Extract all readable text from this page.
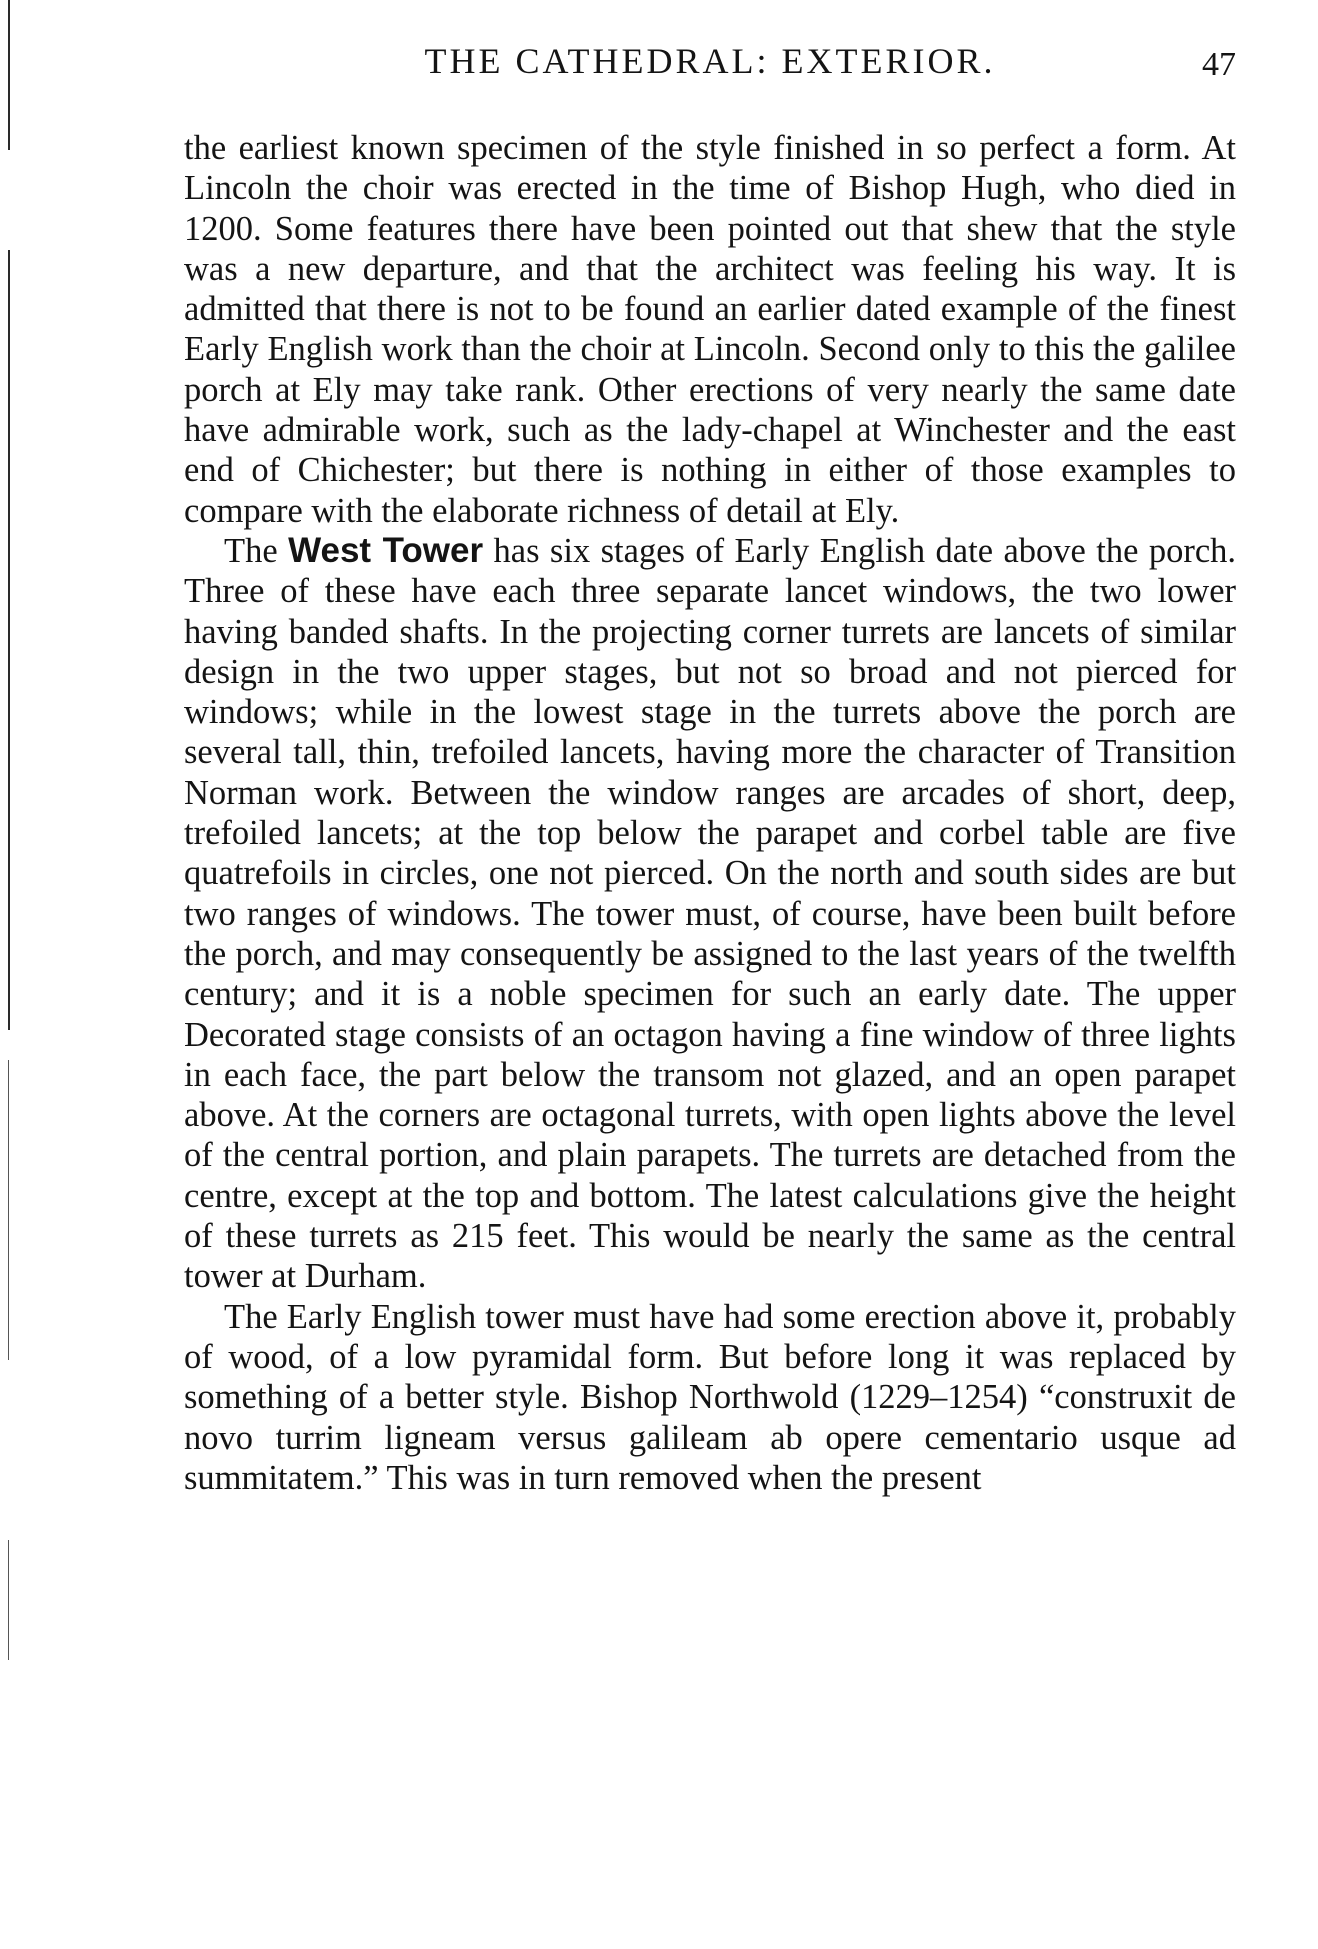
THE CATHEDRAL: EXTERIOR.	47

the earliest known specimen of the style finished in so perfect a form. At Lincoln the choir was erected in the time of Bishop Hugh, who died in 1200. Some features there have been pointed out that shew that the style was a new departure, and that the architect was feeling his way. It is admitted that there is not to be found an earlier dated example of the finest Early English work than the choir at Lincoln. Second only to this the galilee porch at Ely may take rank. Other erections of very nearly the same date have admirable work, such as the lady-chapel at Winchester and the east end of Chichester; but there is nothing in either of those examples to compare with the elaborate richness of detail at Ely.

The West Tower has six stages of Early English date above the porch. Three of these have each three separate lancet windows, the two lower having banded shafts. In the projecting corner turrets are lancets of similar design in the two upper stages, but not so broad and not pierced for windows; while in the lowest stage in the turrets above the porch are several tall, thin, trefoiled lancets, having more the character of Transition Norman work. Between the window ranges are arcades of short, deep, trefoiled lancets; at the top below the parapet and corbel table are five quatrefoils in circles, one not pierced. On the north and south sides are but two ranges of windows. The tower must, of course, have been built before the porch, and may consequently be assigned to the last years of the twelfth century; and it is a noble specimen for such an early date. The upper Decorated stage consists of an octagon having a fine window of three lights in each face, the part below the transom not glazed, and an open parapet above. At the corners are octagonal turrets, with open lights above the level of the central portion, and plain parapets. The turrets are detached from the centre, except at the top and bottom. The latest calculations give the height of these turrets as 215 feet. This would be nearly the same as the central tower at Durham.

The Early English tower must have had some erection above it, probably of wood, of a low pyramidal form. But before long it was replaced by something of a better style. Bishop Northwold (1229–1254) “construxit de novo turrim ligneam versus galileam ab opere cementario usque ad summitatem.” This was in turn removed when the present
